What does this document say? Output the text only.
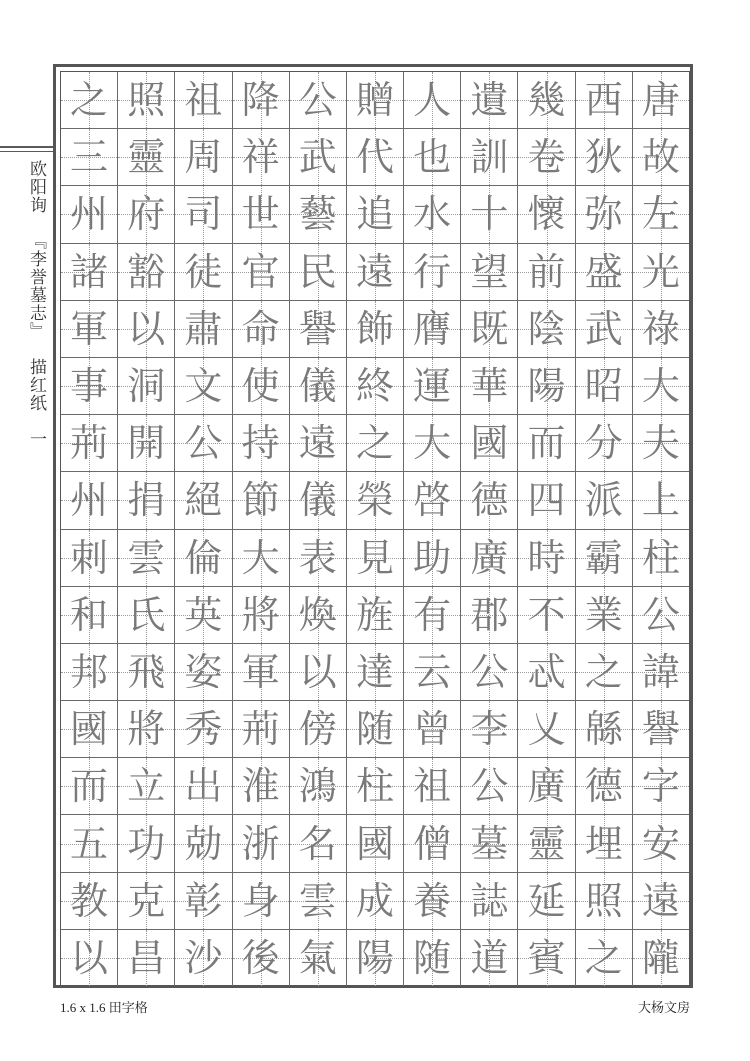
欧阳询『李誉墓志』描红纸一
唐
故
左
光
祿
大
夫
上
柱
公
諱
譽
字
安
遠
隴
西
狄
弥
盛
武
昭
分
派
霸
業
之
緜
德
埋
照
之
幾
卷
懷
前
陰
陽
而
四
時
不
忒
乂
廣
靈
延
賓
遺
訓
十
望
既
華
國
德
廣
郡
公
李
公
墓
誌
道
人
也
水
行
膺
運
大
啓
助
有
云
曾
祖
僧
養
随
贈
代
追
遠
飾
終
之
榮
見
旌
達
随
柱
國
成
陽
公
武
藝
民
譽
儀
遠
儀
表
煥
以
傍
鴻
名
雲
氣
降
祥
世
官
命
使
持
節
大
將
軍
荊
淮
浙
身
後
祖
周
司
徒
肅
文
公
絕
倫
英
姿
秀
出
勀
彰
沙
照
靈
府
豁
以
洞
開
捐
雲
氏
飛
將
立
功
克
昌
之
三
州
諸
軍
事
荊
州
刺
和
邦
國
而
五
教
以
1.6 x 1.6 田字格	大杨文房
